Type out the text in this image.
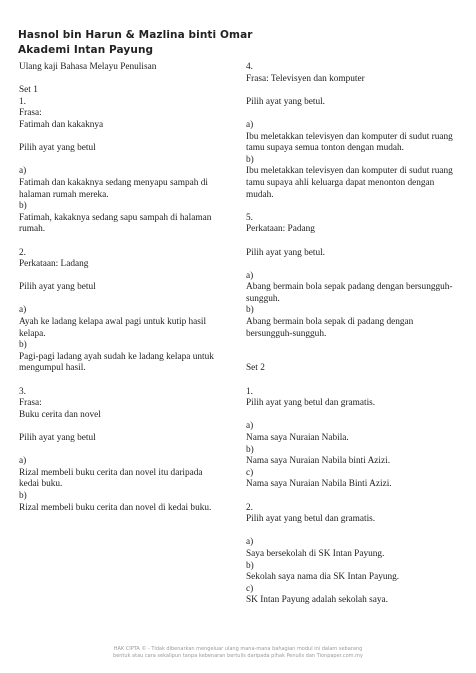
Hasnol bin Harun & Mazlina binti Omar
Akademi Intan Payung
Ulang kaji Bahasa Melayu Penulisan
Set 1
1.
Frasa:
Fatimah dan kakaknya
Pilih ayat yang betul
a)
Fatimah dan kakaknya sedang menyapu sampah di halaman rumah mereka.
b)
Fatimah, kakaknya sedang sapu sampah di halaman rumah.
2.
Perkataan: Ladang
Pilih ayat yang betul
a)
Ayah ke ladang kelapa awal pagi untuk kutip hasil kelapa.
b)
Pagi-pagi ladang ayah sudah ke ladang kelapa untuk mengumpul hasil.
3.
Frasa:
Buku cerita dan novel
Pilih ayat yang betul
a)
Rizal membeli buku cerita dan novel itu daripada kedai buku.
b)
Rizal membeli buku cerita dan novel di kedai buku.
4.
Frasa: Televisyen dan komputer
Pilih ayat yang betul.
a)
Ibu meletakkan televisyen dan komputer di sudut ruang tamu supaya semua tonton dengan mudah.
b)
Ibu meletakkan televisyen dan komputer di sudut ruang tamu supaya ahli keluarga dapat menonton dengan mudah.
5.
Perkataan: Padang
Pilih ayat yang betul.
a)
Abang bermain bola sepak padang dengan bersungguh-sungguh.
b)
Abang bermain bola sepak di padang dengan bersungguh-sungguh.
Set 2
1.
Pilih ayat yang betul dan gramatis.
a)
Nama saya Nuraian Nabila.
b)
Nama saya Nuraian Nabila binti Azizi.
c)
Nama saya Nuraian Nabila Binti Azizi.
2.
Pilih ayat yang betul dan gramatis.
a)
Saya bersekolah di SK Intan Payung.
b)
Sekolah saya nama dia SK Intan Payung.
c)
SK Intan Payung adalah sekolah saya.
HAK CIPTA © - Tidak dibenarkan mengeluar ulang mana-mana bahagian modul ini dalam sebarang
bentuk atau cara sekalipun tanpa kebenaran bertulis daripada pihak Penulis dan Tionpaper.com.my
